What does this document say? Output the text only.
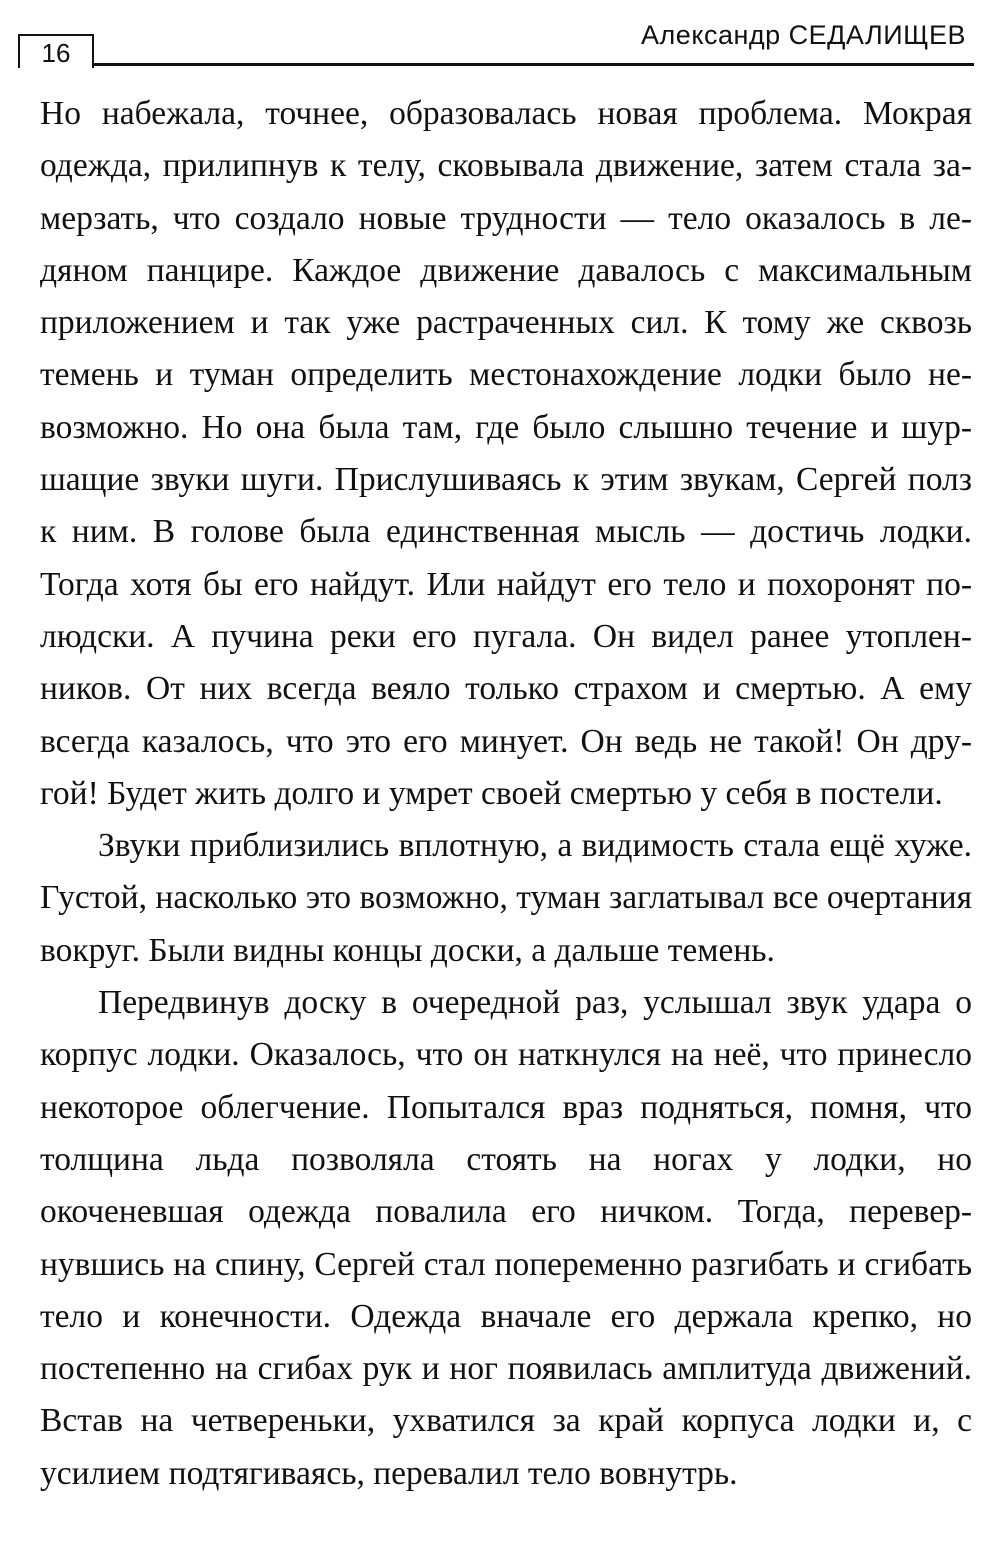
16
Александр СЕДАЛИЩЕВ

Но набежала, точнее, образовалась новая проблема. Мокрая одежда, прилипнув к телу, сковывала движение, затем стала замерзать, что создало новые трудности — тело оказалось в ледяном панцире. Каждое движение давалось с максимальным приложением и так уже растраченных сил. К тому же сквозь темень и туман определить местонахождение лодки было невозможно. Но она была там, где было слышно течение и шуршащие звуки шуги. Прислушиваясь к этим звукам, Сергей полз к ним. В голове была единственная мысль — достичь лодки. Тогда хотя бы его найдут. Или найдут его тело и похоронят по-людски. А пучина реки его пугала. Он видел ранее утопленников. От них всегда веяло только страхом и смертью. А ему всегда казалось, что это его минует. Он ведь не такой! Он другой! Будет жить долго и умрет своей смертью у себя в постели.

Звуки приблизились вплотную, а видимость стала ещё хуже. Густой, насколько это возможно, туман заглатывал все очертания вокруг. Были видны концы доски, а дальше темень.

Передвинув доску в очередной раз, услышал звук удара о корпус лодки. Оказалось, что он наткнулся на неё, что принесло некоторое облегчение. Попытался враз подняться, помня, что толщина льда позволяла стоять на ногах у лодки, но окоченевшая одежда повалила его ничком. Тогда, перевернувшись на спину, Сергей стал попеременно разгибать и сгибать тело и конечности. Одежда вначале его держала крепко, но постепенно на сгибах рук и ног появилась амплитуда движений. Встав на четвереньки, ухватился за край корпуса лодки и, с усилием подтягиваясь, перевалил тело вовнутрь.
